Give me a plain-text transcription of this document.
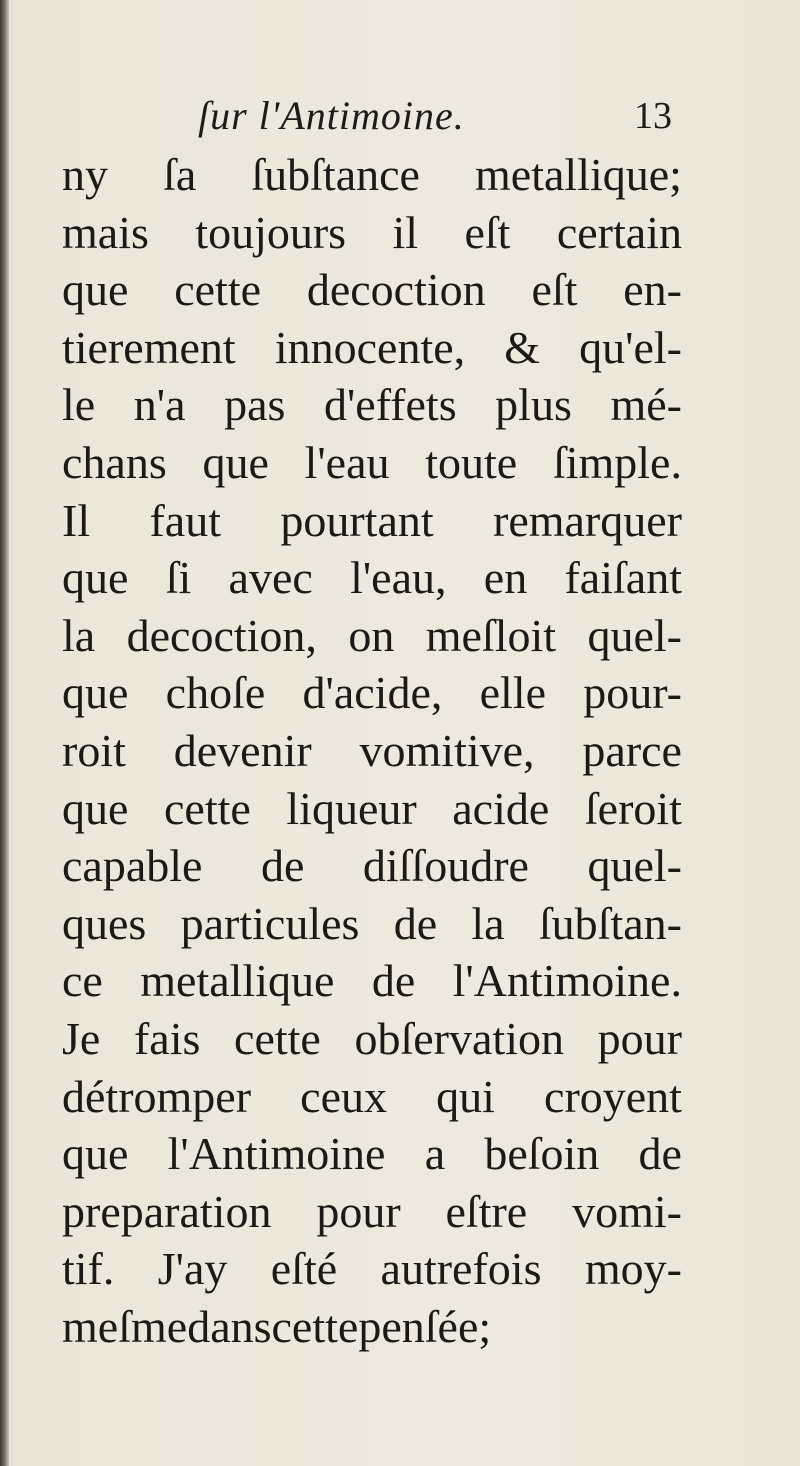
ſur l'Antimoine.	13
ny ſa ſubſtance metallique;
mais toujours il eſt certain
que cette decoction eſt en-
tierement innocente, & qu'el-
le n'a pas d'effets plus mé-
chans que l'eau toute ſimple.
Il faut pourtant remarquer
que ſi avec l'eau, en faiſant
la decoction, on meſloit quel-
que choſe d'acide, elle pour-
roit devenir vomitive, parce
que cette liqueur acide ſeroit
capable de diſſoudre quel-
ques particules de la ſubſtan-
ce metallique de l'Antimoine.
Je fais cette obſervation pour
détromper ceux qui croyent
que l'Antimoine a beſoin de
preparation pour eſtre vomi-
tif. J'ay eſté autrefois moy-
meſme dans cette penſée;
